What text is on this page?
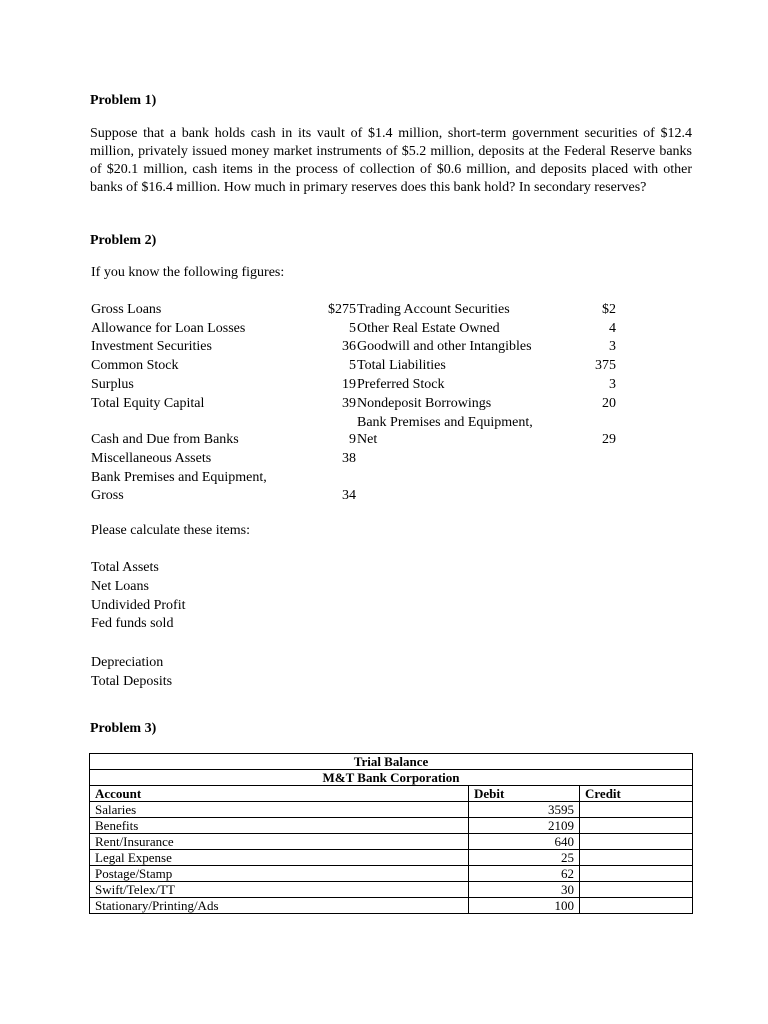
Problem 1)

Suppose that a bank holds cash in its vault of $1.4 million, short-term government securities of $12.4 million, privately issued money market instruments of $5.2 million, deposits at the Federal Reserve banks of $20.1 million, cash items in the process of collection of $0.6 million, and deposits placed with other banks of $16.4 million. How much in primary reserves does this bank hold? In secondary reserves?

Problem 2)
If you know the following figures:
Gross Loans	$275 Trading Account Securities	$2
Allowance for Loan Losses	5 Other Real Estate Owned	4
Investment Securities	36 Goodwill and other Intangibles	3
Common Stock	5 Total Liabilities	375
Surplus	19 Preferred Stock	3
Total Equity Capital	39 Nondeposit Borrowings	20
Bank Premises and Equipment,
Cash and Due from Banks	9 Net	29
Miscellaneous Assets	38
Bank Premises and Equipment,
Gross	34
Please calculate these items:
Total Assets
Net Loans
Undivided Profit
Fed funds sold
Depreciation
Total Deposits
Problem 3)
Trial Balance		
M&T Bank Corporation		
Account	Debit	Credit
Salaries	3595	
Benefits	2109	
Rent/Insurance	640	
Legal Expense	25	
Postage/Stamp	62	
Swift/Telex/TT	30	
Stationary/Printing/Ads	100	
